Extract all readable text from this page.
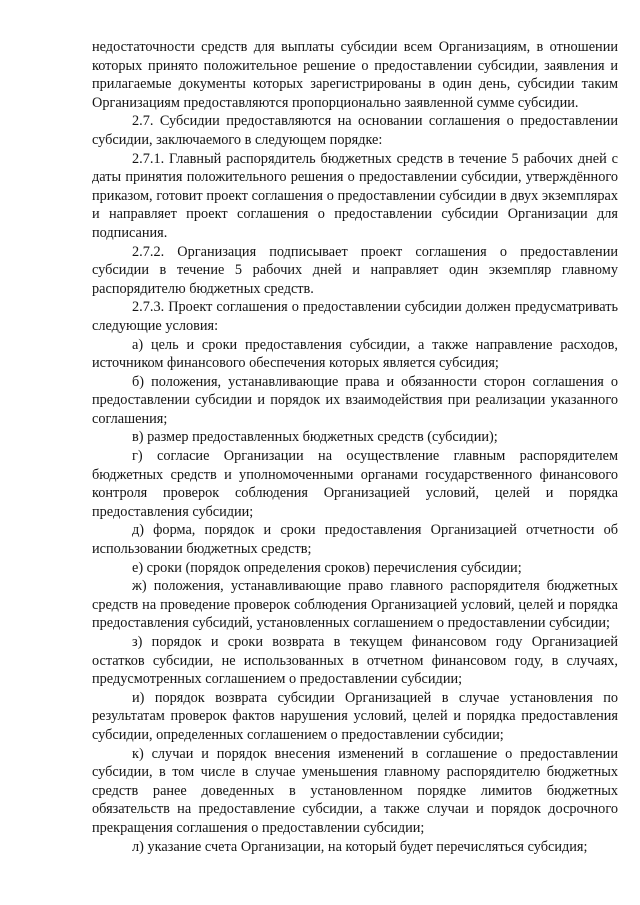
недостаточности средств для выплаты субсидии всем Организациям, в отношении которых принято положительное решение о предоставлении субсидии, заявления и прилагаемые документы которых зарегистрированы в один день, субсидии таким Организациям предоставляются пропорционально заявленной сумме субсидии.

2.7. Субсидии предоставляются на основании соглашения о предоставлении субсидии, заключаемого в следующем порядке:

2.7.1. Главный распорядитель бюджетных средств в течение 5 рабочих дней с даты принятия положительного решения о предоставлении субсидии, утверждённого приказом, готовит проект соглашения о предоставлении субсидии в двух экземплярах и направляет проект соглашения о предоставлении субсидии Организации для подписания.

2.7.2. Организация подписывает проект соглашения о предоставлении субсидии в течение 5 рабочих дней и направляет один экземпляр главному распорядителю бюджетных средств.

2.7.3. Проект соглашения о предоставлении субсидии должен предусматривать следующие условия:

а) цель и сроки предоставления субсидии, а также направление расходов, источником финансового обеспечения которых является субсидия;

б) положения, устанавливающие права и обязанности сторон соглашения о предоставлении субсидии и порядок их взаимодействия при реализации указанного соглашения;

в) размер предоставленных бюджетных средств (субсидии);

г) согласие Организации на осуществление главным распорядителем бюджетных средств и уполномоченными органами государственного финансового контроля проверок соблюдения Организацией условий, целей и порядка предоставления субсидии;

д) форма, порядок и сроки предоставления Организацией отчетности об использовании бюджетных средств;

е) сроки (порядок определения сроков) перечисления субсидии;

ж) положения, устанавливающие право главного распорядителя бюджетных средств на проведение проверок соблюдения Организацией условий, целей и порядка предоставления субсидий, установленных соглашением о предоставлении субсидии;

з) порядок и сроки возврата в текущем финансовом году Организацией остатков субсидии, не использованных в отчетном финансовом году, в случаях, предусмотренных соглашением о предоставлении субсидии;

и) порядок возврата субсидии Организацией в случае установления по результатам проверок фактов нарушения условий, целей и порядка предоставления субсидии, определенных соглашением о предоставлении субсидии;

к) случаи и порядок внесения изменений в соглашение о предоставлении субсидии, в том числе в случае уменьшения главному распорядителю бюджетных средств ранее доведенных в установленном порядке лимитов бюджетных обязательств на предоставление субсидии, а также случаи и порядок досрочного прекращения соглашения о предоставлении субсидии;

л) указание счета Организации, на который будет перечисляться субсидия;
